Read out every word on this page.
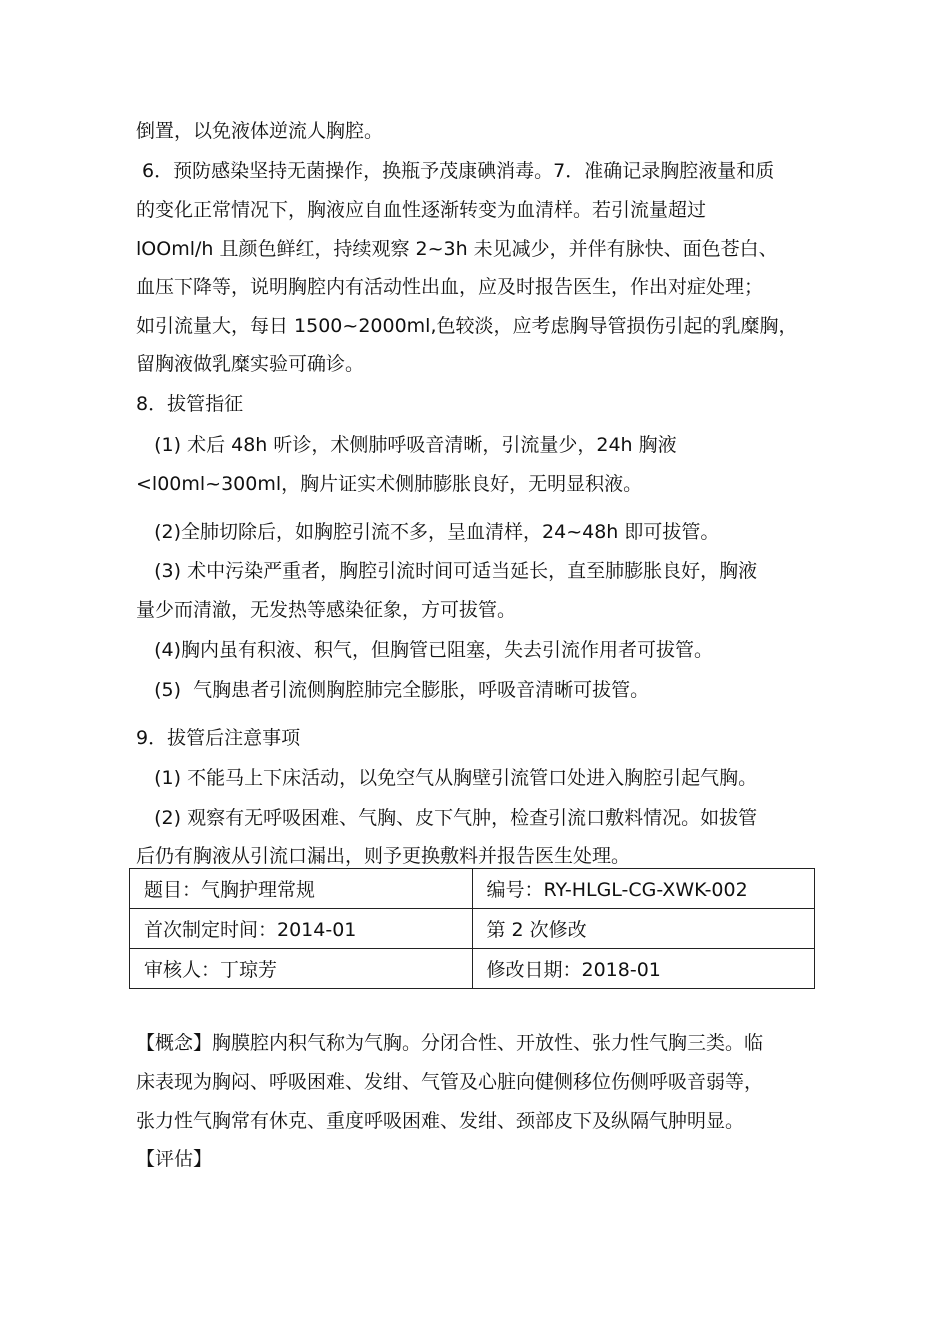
倒置，以免液体逆流人胸腔。
6．预防感染坚持无菌操作，换瓶予茂康碘消毒。7．准确记录胸腔液量和质
的变化正常情况下，胸液应自血性逐渐转变为血清样。若引流量超过
lOOml/h 且颜色鲜红，持续观察 2~3h 未见减少，并伴有脉快、面色苍白、
血压下降等，说明胸腔内有活动性出血，应及时报告医生，作出对症处理；
如引流量大，每日 1500~2000ml,色较淡，应考虑胸导管损伤引起的乳糜胸，
留胸液做乳糜实验可确诊。
8．拔管指征
(1) 术后 48h 听诊，术侧肺呼吸音清晰，引流量少，24h 胸液
<l00ml~300ml，胸片证实术侧肺膨胀良好，无明显积液。
(2)全肺切除后，如胸腔引流不多，呈血清样，24~48h 即可拔管。
(3) 术中污染严重者，胸腔引流时间可适当延长，直至肺膨胀良好，胸液
量少而清澈，无发热等感染征象，方可拔管。
(4)胸内虽有积液、积气，但胸管已阻塞，失去引流作用者可拔管。
(5)  气胸患者引流侧胸腔肺完全膨胀，呼吸音清晰可拔管。
9．拔管后注意事项
(1) 不能马上下床活动，以免空气从胸壁引流管口处进入胸腔引起气胸。
(2) 观察有无呼吸困难、气胸、皮下气肿，检查引流口敷料情况。如拔管
后仍有胸液从引流口漏出，则予更换敷料并报告医生处理。
题目：气胸护理常规	编号：RY-HLGL-CG-XWK-002
首次制定时间：2014-01	第 2 次修改
审核人：丁琼芳	修改日期：2018-01
【概念】胸膜腔内积气称为气胸。分闭合性、开放性、张力性气胸三类。临
床表现为胸闷、呼吸困难、发绀、气管及心脏向健侧移位伤侧呼吸音弱等，
张力性气胸常有休克、重度呼吸困难、发绀、颈部皮下及纵隔气肿明显。
【评估】
